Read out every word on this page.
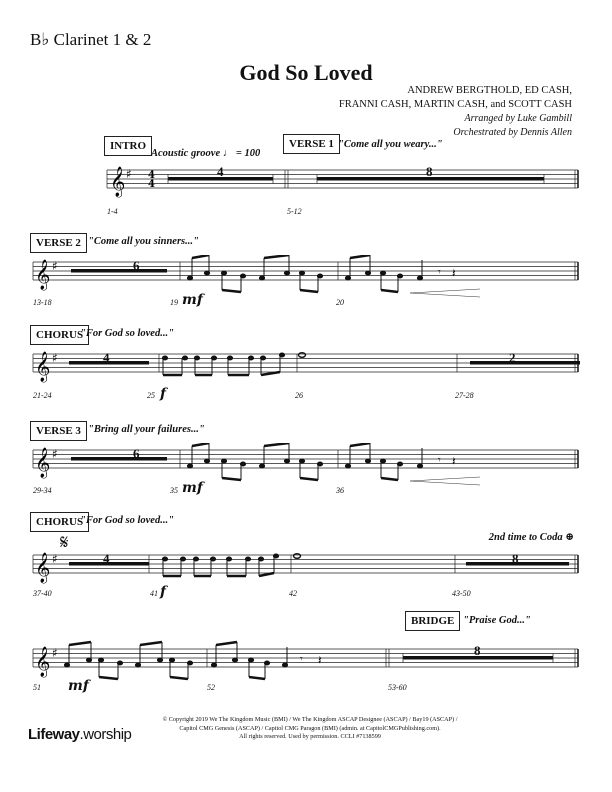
B♭ Clarinet 1 & 2
God So Loved
ANDREW BERGTHOLD, ED CASH,
FRANNI CASH, MARTIN CASH, and SCOTT CASH
Arranged by Luke Gambill
Orchestrated by Dennis Allen
INTRO
Acoustic groove ♩ = 100
VERSE 1 "Come all you weary..."
𝄞 ♯ 4
4
4	8
1-4	5-12
VERSE 2 "Come all you sinners..."
𝄞 ♯	𝄾 𝄽
6
13-18	19 mf	20
CHORUS
"For God so loved..."
𝄞 ♯	4	2
21-24	25 f	26	27-28
VERSE 3 "Bring all your failures..."
𝄞 ♯	𝄾 𝄽
6
29-34	35 mf	36
CHORUS
"For God so loved..."
2nd time to Coda ⊕
𝄋
𝄞 ♯	4	8
37-40	41 f	42	43-50
BRIDGE "Praise God..."
𝄞 ♯	𝄾 𝄽
8
51 mf	52	53-60
Lifeway.worship
© Copyright 2019 We The Kingdom Music (BMI) / We The Kingdom ASCAP Designee (ASCAP) / Bay19 (ASCAP) /
Capitol CMG Genesis (ASCAP) / Capitol CMG Paragon (BMI) (admin. at CapitolCMGPublishing.com).
All rights reserved. Used by permission. CCLI #7138599
